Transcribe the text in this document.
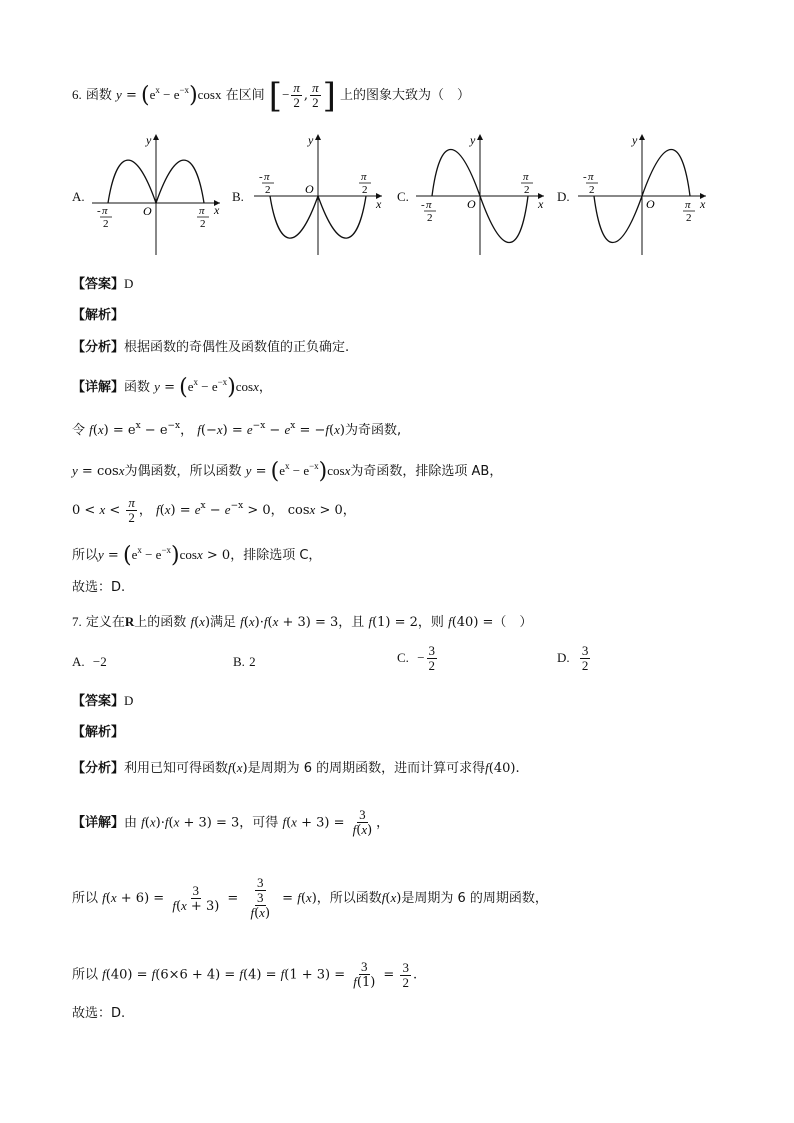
6. 函数 $y = (e^x - e^{-x})\cos x$ 在区间 [− $\frac{\pi}{2}$ , $\frac{\pi}{2}$ ] 上的图象大致为（　）
A.	B.	C.	D.
y
x
O
- π
2
π
2
y
x
O
- π
2
π
2
y
x
O
- π
2
π
2
y
x
O
- π
2
π
2
【答案】D
【解析】
【分析】根据函数的奇偶性及函数值的正负确定.
【详解】函数 $y = (e^x - e^{-x})\cos x$，
令 $f(x) = e^x - e^{-x}$， $f(-x) = e^{-x} - e^x = -f(x)$为奇函数,
y = cosx为偶函数，所以函数 $y = (e^x - e^{-x})\cos x$为奇函数，排除选项 AB，
$0 < x < \frac{\pi}{2}$ ， $f(x) = e^x - e^{-x} > 0$， cosx > 0，
所以$y = (e^x - e^{-x})\cos x > 0$，排除选项 C，
故选：D.
7. 定义在R上的函数 f(x)满足 f(x)·f(x + 3) = 3，且 f(1) = 2，则 f(40) =（　）
A. −2	B. 2	C. − $\frac{3}{2}$	D. $\frac{3}{2}$
【答案】D
【解析】
【分析】利用已知可得函数f(x)是周期为 6 的周期函数，进而计算可求得f(40).
【详解】由 f(x)·f(x + 3) = 3，可得 $f(x + 3) = \frac{3}{f(x)}$ ，
所以 $f(x + 6) = \frac{3}{f(x + 3)} = \frac{3}{\frac{3}{f(x)}} = f(x)$，所以函数f(x)是周期为 6 的周期函数，
所以 $f(40) = f(6\times 6 + 4) = f(4) = f(1 + 3) = \frac{3}{f(1)} = \frac{3}{2}$ .
故选：D.
